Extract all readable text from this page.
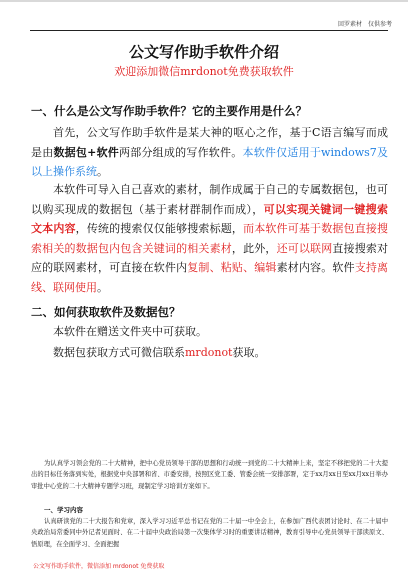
回罗素材　仅供参考
公文写作助手软件介绍
欢迎添加微信mrdonot免费获取软件
一、什么是公文写作助手软件？它的主要作用是什么？

首先，公文写作助手软件是某大神的呕心之作，基于C语言编写而成是由数据包+软件两部分组成的写作软件。本软件仅适用于windows7及以上操作系统。

本软件可导入自己喜欢的素材，制作成属于自己的专属数据包，也可以购买现成的数据包（基于素材群制作而成），可以实现关键词一键搜索文本内容，传统的搜索仅仅能够搜索标题，而本软件可基于数据包直接搜索相关的数据包内包含关键词的相关素材，此外，还可以联网直接搜索对应的联网素材，可直接在软件内复制、粘贴、编辑素材内容。软件支持离线、联网使用。

二、如何获取软件及数据包？

本软件在赠送文件夹中可获取。

数据包获取方式可微信联系mrdonot获取。

为认真学习领会党的二十大精神，把中心党员领导干部的思想和行动统一到党的二十大精神上来，坚定不移把党的二十大提出的目标任务落到实处，根据党中央部署和省、市委安排，按照区党工委、管委会统一安排部署，定于xx月xx日至xx月xx日举办审批中心党的二十大精神专题学习班，现制定学习培训方案如下。

一、学习内容

认真研读党的二十大报告和党章，深入学习习近平总书记在党的二十届一中全会上，在参加广西代表团讨论时、在二十届中央政治局常委同中外记者见面时、在二十届中央政治局第一次集体学习时的重要讲话精神，教育引导中心党员领导干部读原文、悟原理，在全面学习、全面把握

公文写作助手软件，微信添加 mrdonot 免费获取
